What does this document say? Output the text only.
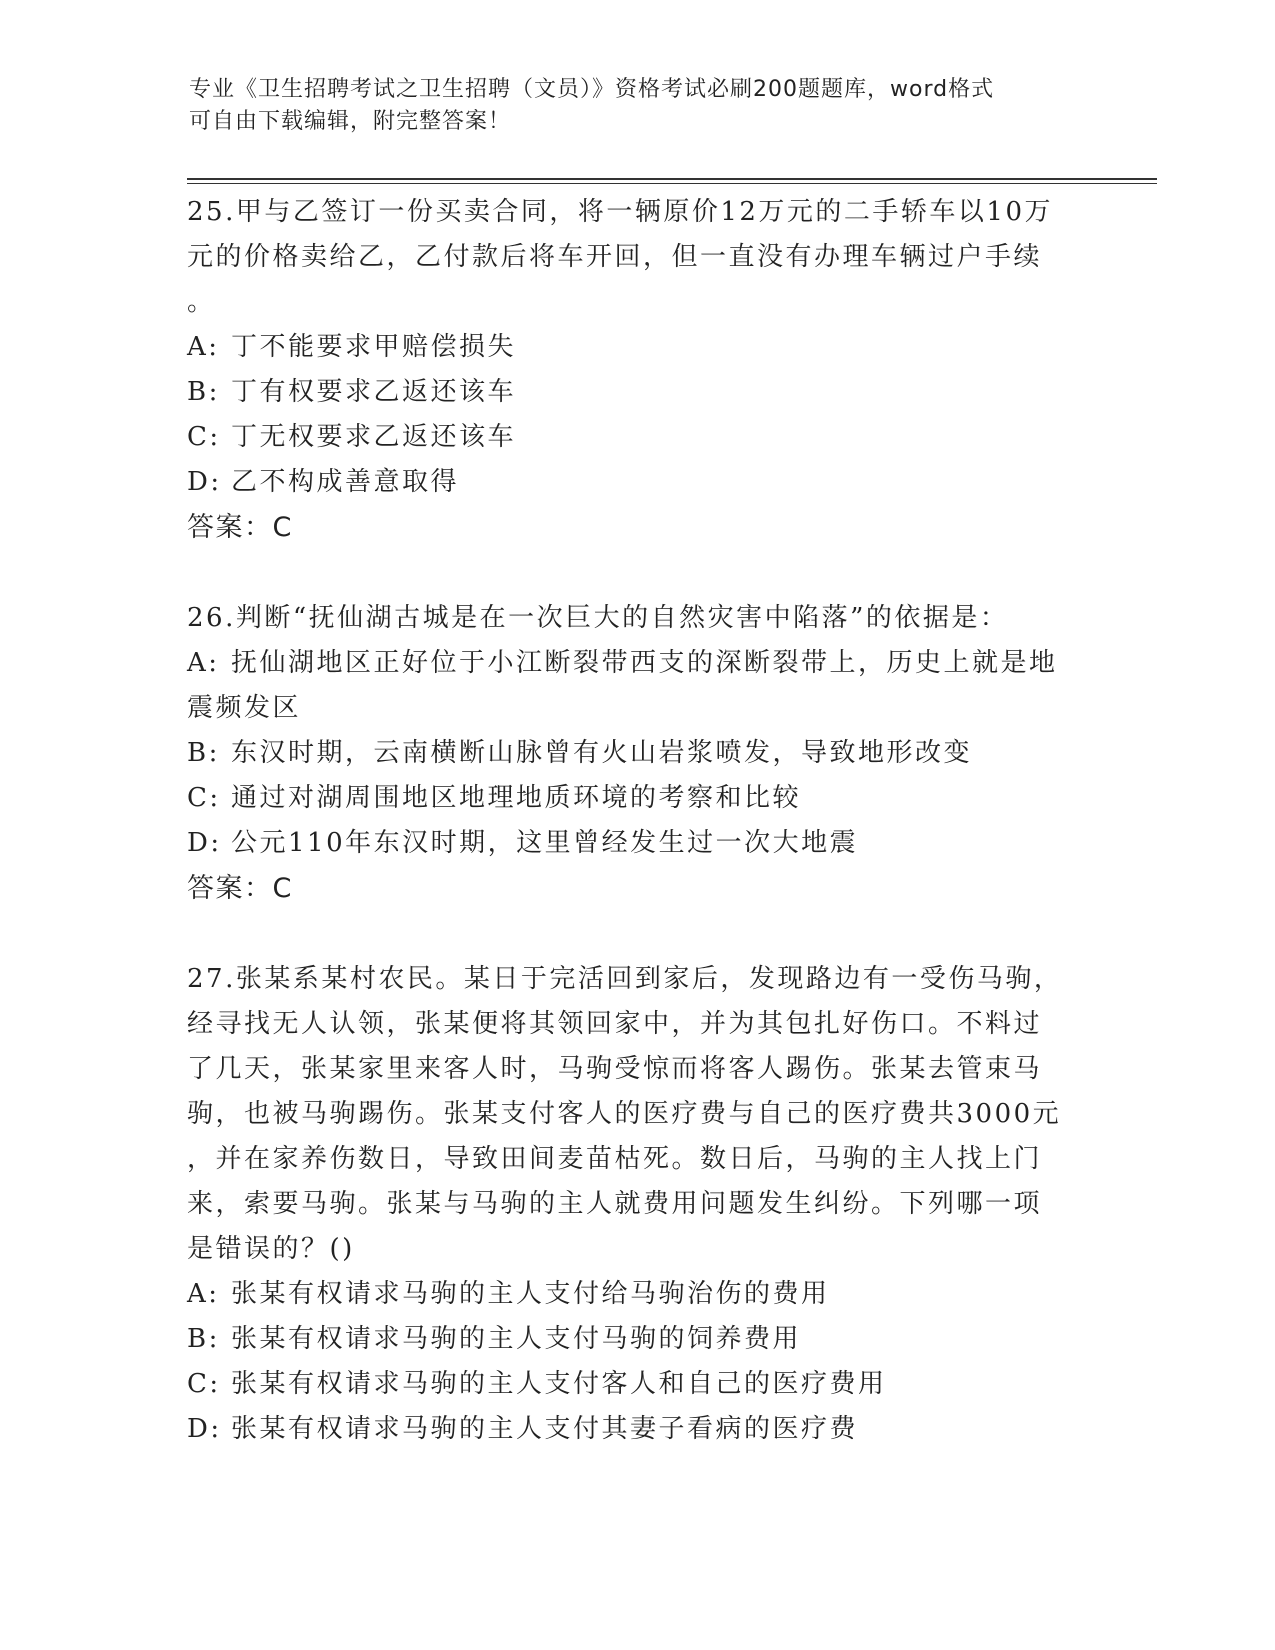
专业《卫生招聘考试之卫生招聘（文员）》资格考试必刷200题题库，word格式
可自由下载编辑，附完整答案！

25.甲与乙签订一份买卖合同，将一辆原价12万元的二手轿车以10万

元的价格卖给乙，乙付款后将车开回，但一直没有办理车辆过户手续

。

A: 丁不能要求甲赔偿损失

B: 丁有权要求乙返还该车

C: 丁无权要求乙返还该车

D: 乙不构成善意取得

答案：C

26.判断“抚仙湖古城是在一次巨大的自然灾害中陷落”的依据是：

A: 抚仙湖地区正好位于小江断裂带西支的深断裂带上，历史上就是地

震频发区

B: 东汉时期，云南横断山脉曾有火山岩浆喷发，导致地形改变

C: 通过对湖周围地区地理地质环境的考察和比较

D: 公元110年东汉时期，这里曾经发生过一次大地震

答案：C

27.张某系某村农民。某日于完活回到家后，发现路边有一受伤马驹，

经寻找无人认领，张某便将其领回家中，并为其包扎好伤口。不料过

了几天，张某家里来客人时，马驹受惊而将客人踢伤。张某去管束马

驹，也被马驹踢伤。张某支付客人的医疗费与自己的医疗费共3000元

，并在家养伤数日，导致田间麦苗枯死。数日后，马驹的主人找上门

来，索要马驹。张某与马驹的主人就费用问题发生纠纷。下列哪一项

是错误的？()

A: 张某有权请求马驹的主人支付给马驹治伤的费用

B: 张某有权请求马驹的主人支付马驹的饲养费用

C: 张某有权请求马驹的主人支付客人和自己的医疗费用

D: 张某有权请求马驹的主人支付其妻子看病的医疗费
